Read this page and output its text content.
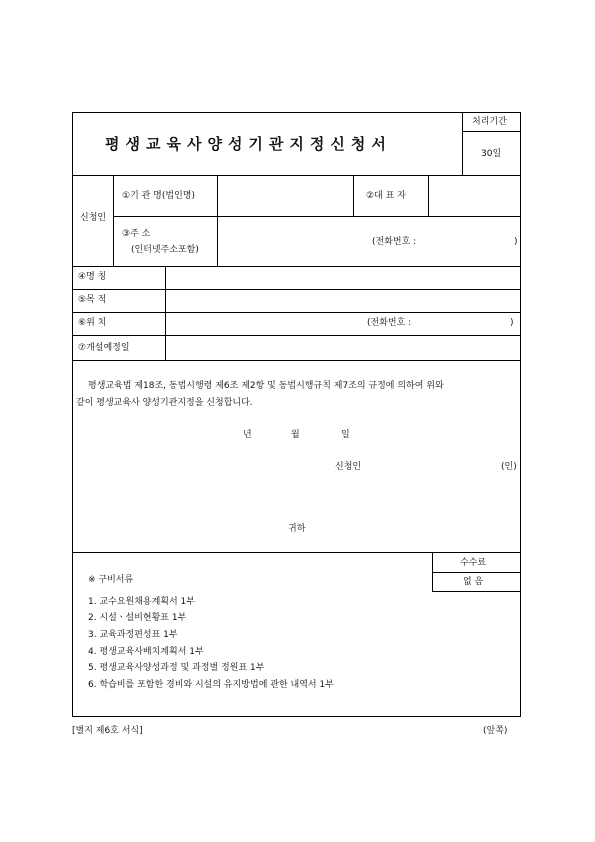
평생교육사양성기관지정신청서
처리기간
30일
신청인
①기 관 명(법인명)	②대 표 자
③주 소
(인터넷주소포함)
(전화번호 :	)
④명 칭
⑤목 적
⑥위 치	(전화번호 :	)
⑦개설예정일
평생교육법 제18조, 동법시행령 제6조 제2항 및 동법시행규칙 제7조의 규정에 의하여 위와
같이 평생교육사 양성기관지정을 신청합니다.
년	월	일
신청인	(인)
귀하
수수료
없 음
※ 구비서류
1. 교수요원채용계획서 1부
2. 시설ㆍ설비현황표 1부
3. 교육과정편성표 1부
4. 평생교육사배치계획서 1부
5. 평생교육사양성과정 및 과정별 정원표 1부
6. 학습비를 포함한 경비와 시설의 유지방법에 관한 내역서 1부
[별지 제6호 서식]	(앞쪽)
